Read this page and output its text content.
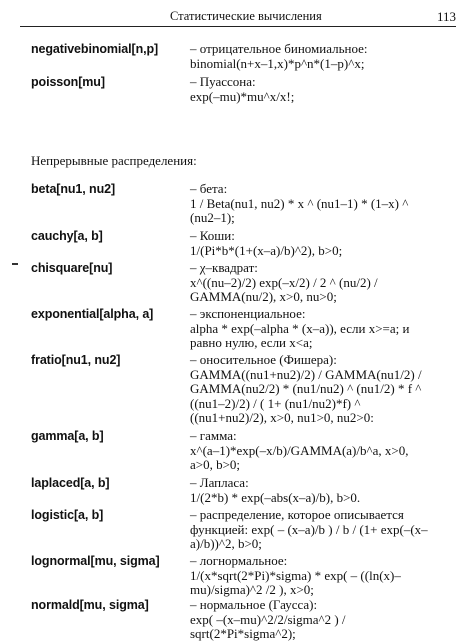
Статистические вычисления	113
negativebinomial[n,p] – отрицательное биномиальное:
binomial(n+x–1,x)*p^n*(1–p)^x;
poisson[mu]	– Пуассона:
exp(–mu)*mu^x/x!;
Непрерывные распределения:
beta[nu1, nu2]	– бета:
1 / Beta(nu1, nu2) * x ^ (nu1–1) * (1–x) ^
(nu2–1);
cauchy[a, b]	– Коши:
1/(Pi*b*(1+(x–a)/b)^2), b>0;
chisquare[nu]	– χ–квадрат:
x^((nu–2)/2) exp(–x/2) / 2 ^ (nu/2) /
GAMMA(nu/2), x>0, nu>0;
exponential[alpha, a]	– экспоненциальное:
alpha * exp(–alpha * (x–a)), если x>=a; и
равно нулю, если x<a;
fratio[nu1, nu2]	– оносительное (Фишера):
GAMMA((nu1+nu2)/2) / GAMMA(nu1/2) /
GAMMA(nu2/2) * (nu1/nu2) ^ (nu1/2) * f ^
((nu1–2)/2) / ( 1+ (nu1/nu2)*f) ^
((nu1+nu2)/2), x>0, nu1>0, nu2>0:
gamma[a, b]	– гамма:
x^(a–1)*exp(–x/b)/GAMMA(a)/b^a, x>0,
a>0, b>0;
laplaced[a, b]	– Лапласа:
1/(2*b) * exp(–abs(x–a)/b), b>0.
logistic[a, b]	– распределение, которое описывается
функцией: exp( – (x–a)/b ) / b / (1+ exp(–(x–
a)/b))^2, b>0;
lognormal[mu, sigma] – логнормальное:
1/(x*sqrt(2*Pi)*sigma) * exp( – ((ln(x)–
mu)/sigma)^2 /2 ), x>0;
normald[mu, sigma]	– нормальное (Гаусса):
exp( –(x–mu)^2/2/sigma^2 ) /
sqrt(2*Pi*sigma^2);
